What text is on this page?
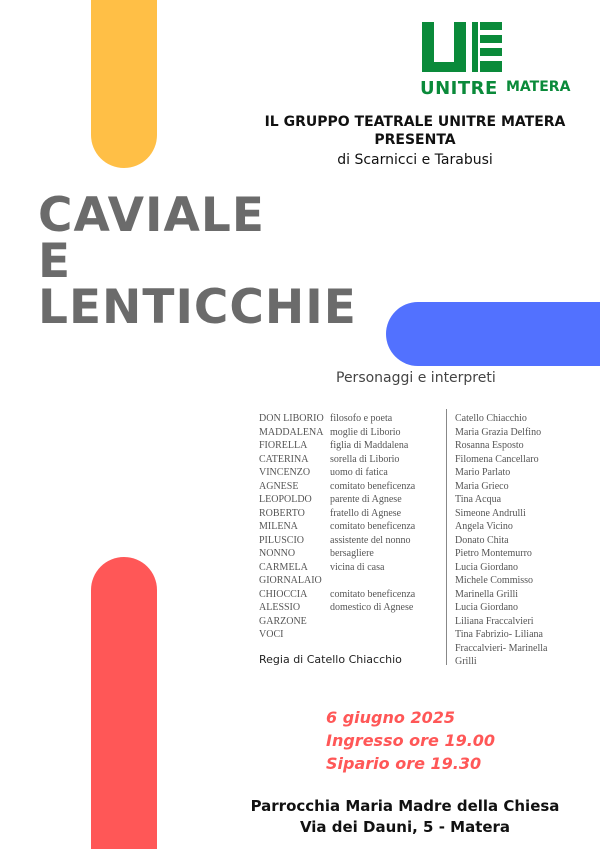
UNITRE MATERA
IL GRUPPO TEATRALE UNITRE MATERA
PRESENTA
di Scarnicci e Tarabusi
CAVIALE
E
LENTICCHIE
Personaggi e interpreti
DON LIBORIO
MADDALENA
FIORELLA
CATERINA
VINCENZO
AGNESE
LEOPOLDO
ROBERTO
MILENA
PILUSCIO
NONNO
CARMELA
GIORNALAIO
CHIOCCIA
ALESSIO
GARZONE
VOCI
filosofo e poeta
moglie di Liborio
figlia di Maddalena
sorella di Liborio
uomo di fatica
comitato beneficenza
parente di Agnese
fratello di Agnese
comitato beneficenza
assistente del nonno
bersagliere
vicina di casa

comitato beneficenza
domestico di Agnese

Catello Chiacchio
Maria Grazia Delfino
Rosanna Esposto
Filomena Cancellaro
Mario Parlato
Maria Grieco
Tina Acqua
Simeone Andrulli
Angela Vicino
Donato Chita
Pietro Montemurro
Lucia Giordano
Michele Commisso
Marinella Grilli
Lucia Giordano
Liliana Fraccalvieri
Tina Fabrizio- Liliana Fraccalvieri- Marinella Grilli
Regia di Catello Chiacchio
6 giugno 2025
Ingresso ore 19.00
Sipario ore 19.30
Parrocchia Maria Madre della Chiesa
Via dei Dauni, 5 - Matera
